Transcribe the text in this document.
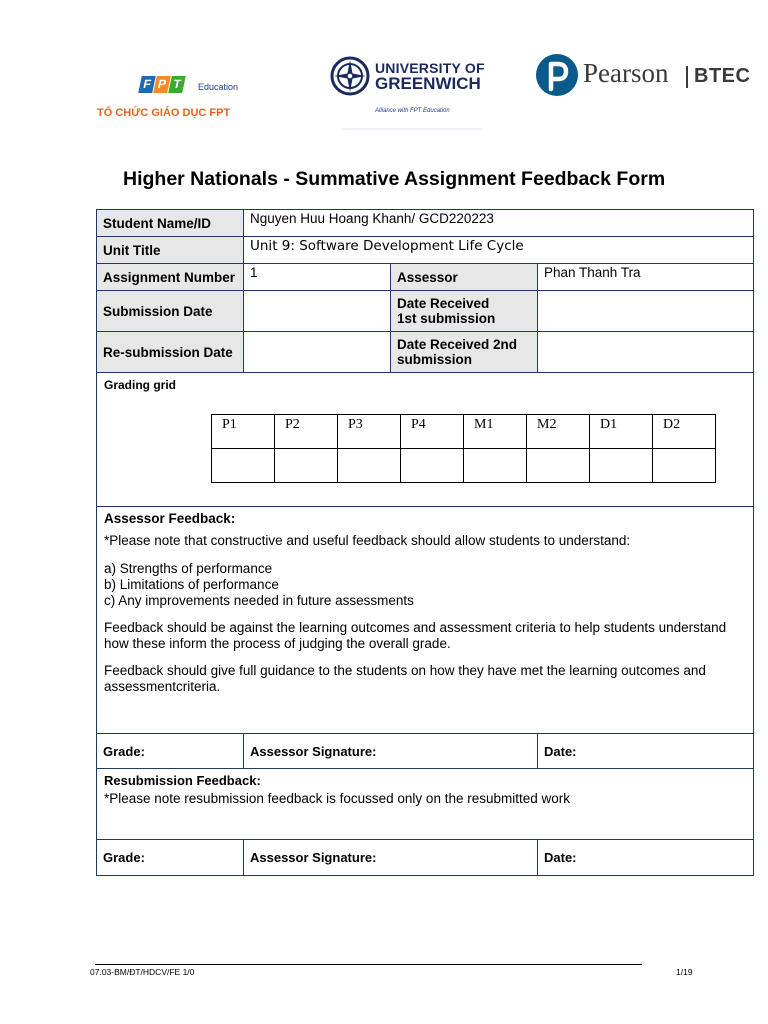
F P T	Education
TỔ CHỨC GIÁO DỤC FPT
UNIVERSITY OF
GREENWICH
Alliance with FPT Education
Pearson BTEC
Higher Nationals - Summative Assignment Feedback Form
Student Name/ID	Nguyen Huu Hoang Khanh/ GCD220223
Unit Title	Unit 9: Software Development Life Cycle
Assignment Number	1	Assessor	Phan Thanh Tra
Submission Date		Date Received
1st submission	
Re-submission Date		Date Received 2nd
submission	

Grading grid
P1	P2	P3	P4	M1	M2	D1	D2

Assessor Feedback:

*Please note that constructive and useful feedback should allow students to understand:

a) Strengths of performance

b) Limitations of performance

c) Any improvements needed in future assessments

Feedback should be against the learning outcomes and assessment criteria to help students understand how these inform the process of judging the overall grade.

Feedback should give full guidance to the students on how they have met the learning outcomes and assessmentcriteria.

Grade:	Assessor Signature:	Date:

Resubmission Feedback:

*Please note resubmission feedback is focussed only on the resubmitted work

Grade:	Assessor Signature:	Date:
07.03-BM/ĐT/HDCV/FE 1/0	1/19
